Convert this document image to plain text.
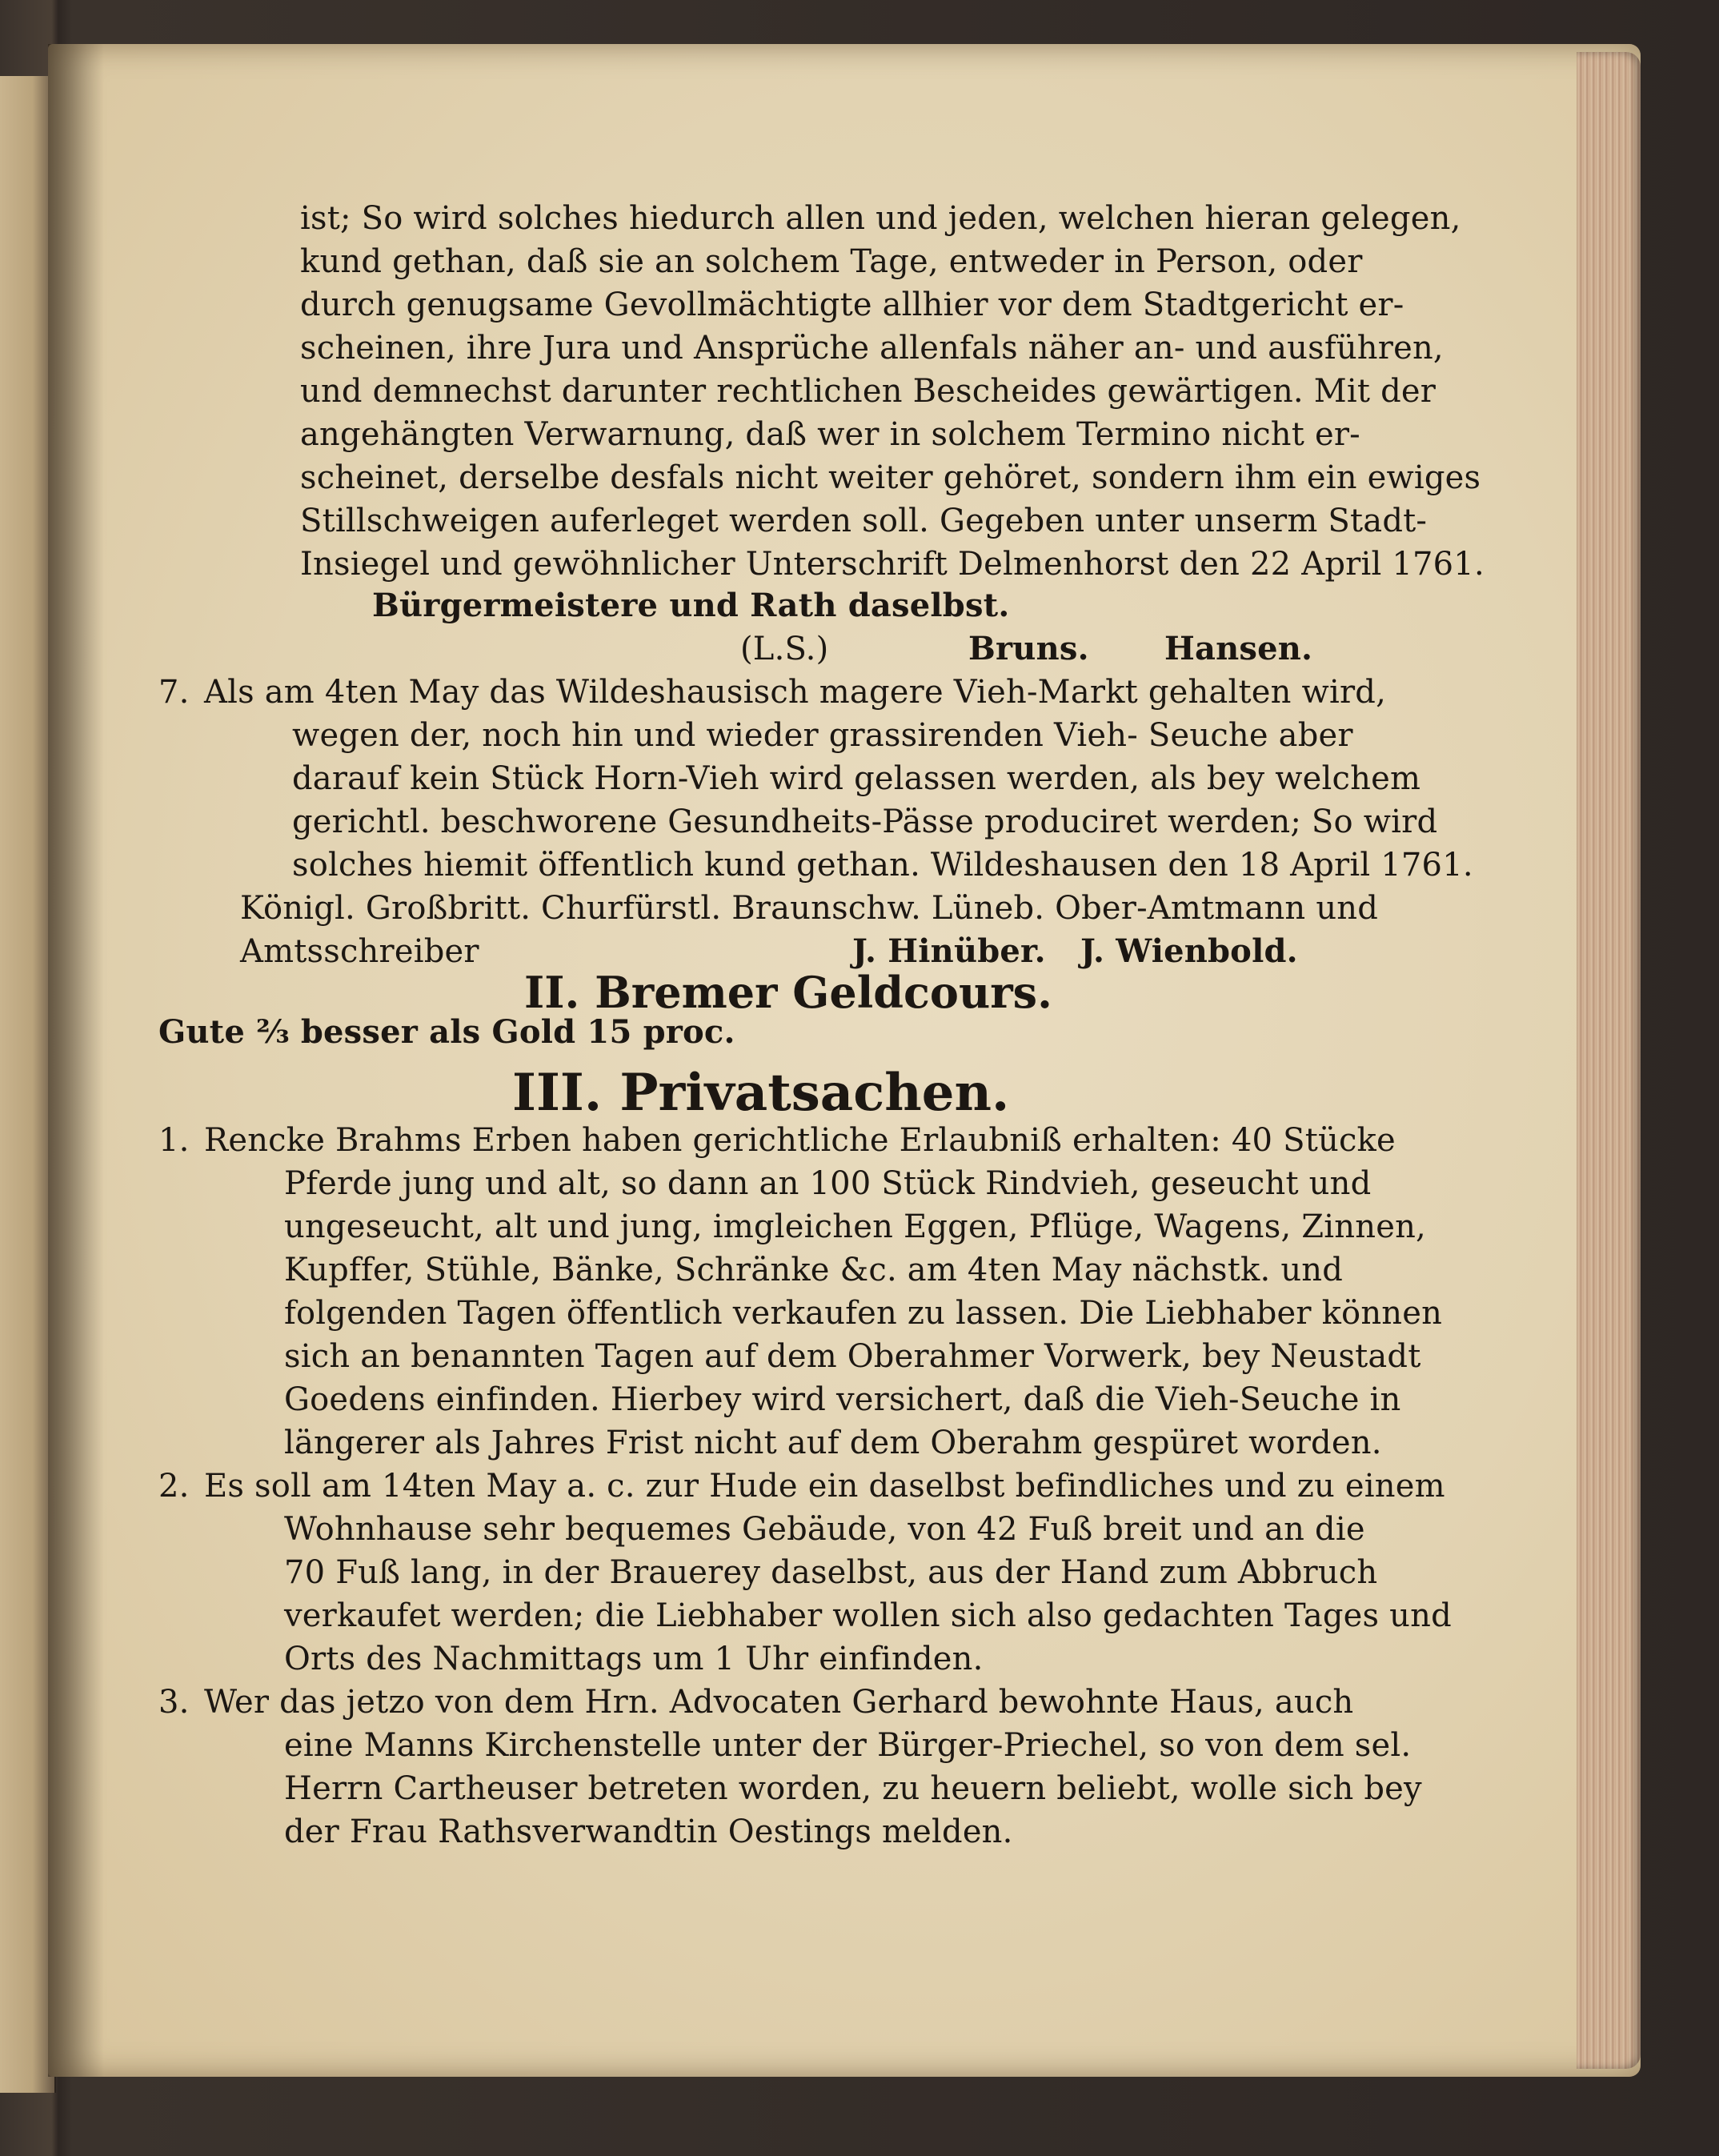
ist; So wird solches hiedurch allen und jeden, welchen hieran gelegen,
kund gethan, daß sie an solchem Tage, entweder in Person, oder
durch genugsame Gevollmächtigte allhier vor dem Stadtgericht er-
scheinen, ihre Jura und Ansprüche allenfals näher an- und ausführen,
und demnechst darunter rechtlichen Bescheides gewärtigen. Mit der
angehängten Verwarnung, daß wer in solchem Termino nicht er-
scheinet, derselbe desfals nicht weiter gehöret, sondern ihm ein ewiges
Stillschweigen auferleget werden soll. Gegeben unter unserm Stadt-
Insiegel und gewöhnlicher Unterschrift Delmenhorst den 22 April 1761.
Bürgermeistere und Rath daselbst.
(L.S.)	Bruns. Hansen.
7. Als am 4ten May das Wildeshausisch magere Vieh-Markt gehalten wird,
wegen der, noch hin und wieder grassirenden Vieh- Seuche aber
darauf kein Stück Horn-Vieh wird gelassen werden, als bey welchem
gerichtl. beschworene Gesundheits-Pässe produciret werden; So wird
solches hiemit öffentlich kund gethan. Wildeshausen den 18 April 1761.
Königl. Großbritt. Churfürstl. Braunschw. Lüneb. Ober-Amtmann und
Amtsschreiber	J. Hinüber. J. Wienbold.
II. Bremer Geldcours.
Gute ⅔ besser als Gold 15 proc.
III. Privatsachen.
1. Rencke Brahms Erben haben gerichtliche Erlaubniß erhalten: 40 Stücke
Pferde jung und alt, so dann an 100 Stück Rindvieh, geseucht und
ungeseucht, alt und jung, imgleichen Eggen, Pflüge, Wagens, Zinnen,
Kupffer, Stühle, Bänke, Schränke &c. am 4ten May nächstk. und
folgenden Tagen öffentlich verkaufen zu lassen. Die Liebhaber können
sich an benannten Tagen auf dem Oberahmer Vorwerk, bey Neustadt
Goedens einfinden. Hierbey wird versichert, daß die Vieh-Seuche in
längerer als Jahres Frist nicht auf dem Oberahm gespüret worden.
2. Es soll am 14ten May a. c. zur Hude ein daselbst befindliches und zu einem
Wohnhause sehr bequemes Gebäude, von 42 Fuß breit und an die
70 Fuß lang, in der Brauerey daselbst, aus der Hand zum Abbruch
verkaufet werden; die Liebhaber wollen sich also gedachten Tages und
Orts des Nachmittags um 1 Uhr einfinden.
3. Wer das jetzo von dem Hrn. Advocaten Gerhard bewohnte Haus, auch
eine Manns Kirchenstelle unter der Bürger-Priechel, so von dem sel.
Herrn Cartheuser betreten worden, zu heuern beliebt, wolle sich bey
der Frau Rathsverwandtin Oestings melden.
